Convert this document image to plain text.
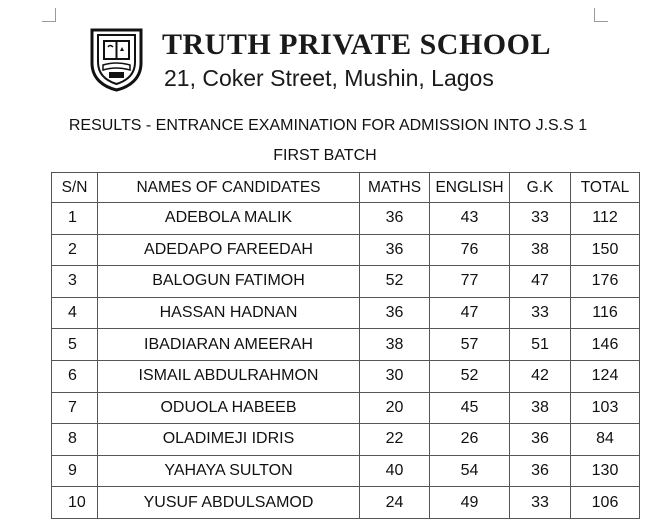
TRUTH PRIVATE SCHOOL
21, Coker Street, Mushin, Lagos
RESULTS - ENTRANCE EXAMINATION FOR ADMISSION INTO J.S.S 1
FIRST BATCH
S/N	NAMES OF CANDIDATES	MATHS	ENGLISH	G.K	TOTAL
1	ADEBOLA MALIK	36	43	33	112
2	ADEDAPO FAREEDAH	36	76	38	150
3	BALOGUN FATIMOH	52	77	47	176
4	HASSAN HADNAN	36	47	33	116
5	IBADIARAN AMEERAH	38	57	51	146
6	ISMAIL ABDULRAHMON	30	52	42	124
7	ODUOLA HABEEB	20	45	38	103
8	OLADIMEJI IDRIS	22	26	36	84
9	YAHAYA SULTON	40	54	36	130
10	YUSUF ABDULSAMOD	24	49	33	106
